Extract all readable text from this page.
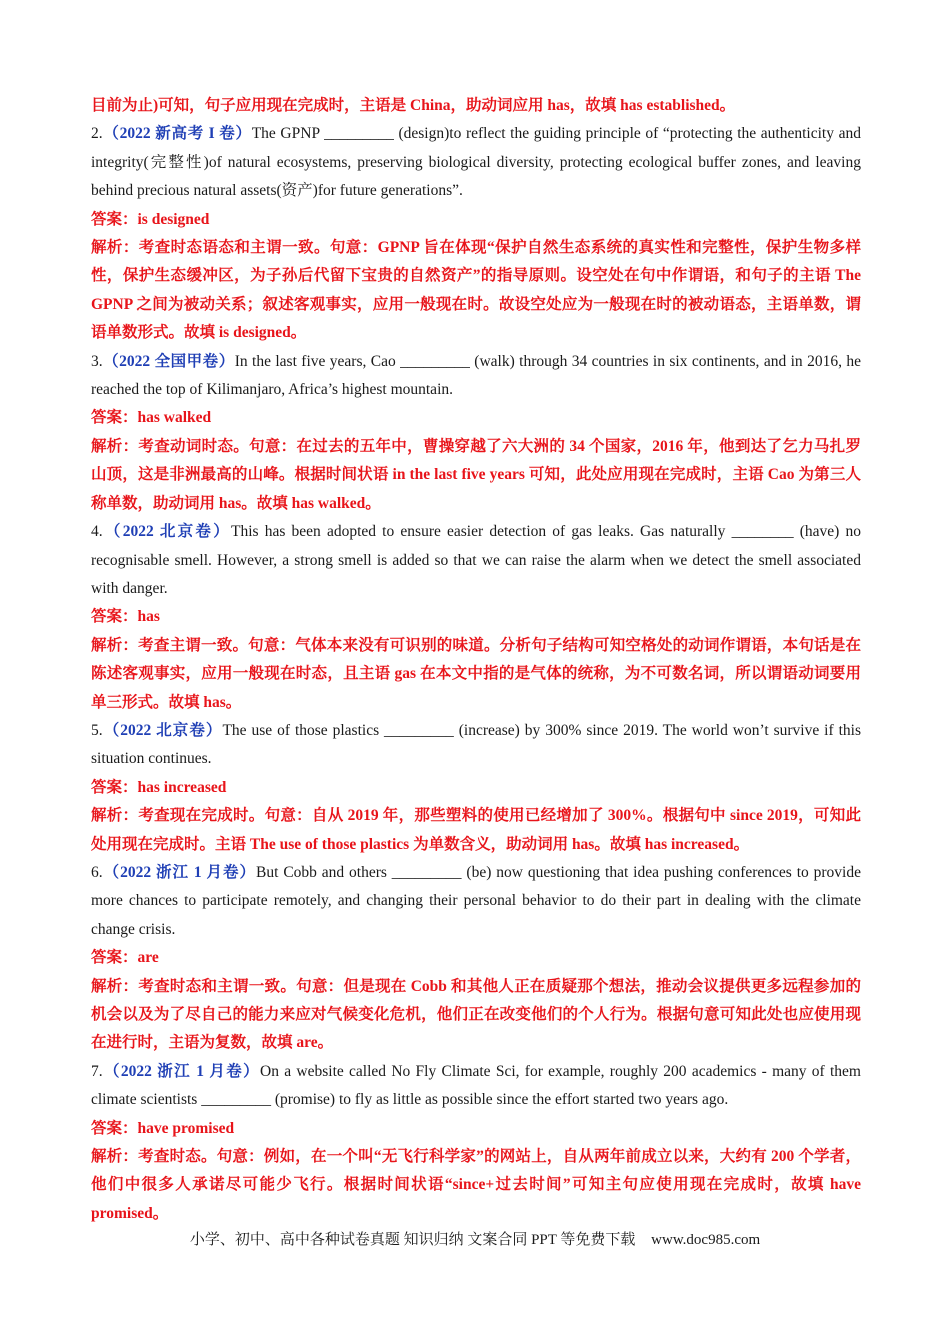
目前为止)可知，句子应用现在完成时，主语是 China，助动词应用 has，故填 has established。

2.（2022 新高考 I 卷）The GPNP _________ (design)to reflect the guiding principle of “protecting the authenticity and integrity(完整性)of natural ecosystems, preserving biological diversity, protecting ecological buffer zones, and leaving behind precious natural assets(资产)for future generations”.

答案：is designed

解析：考查时态语态和主谓一致。句意：GPNP 旨在体现“保护自然生态系统的真实性和完整性，保护生物多样性，保护生态缓冲区，为子孙后代留下宝贵的自然资产”的指导原则。设空处在句中作谓语，和句子的主语 The GPNP 之间为被动关系；叙述客观事实，应用一般现在时。故设空处应为一般现在时的被动语态，主语单数，谓语单数形式。故填 is designed。

3.（2022 全国甲卷）In the last five years, Cao _________ (walk) through 34 countries in six continents, and in 2016, he reached the top of Kilimanjaro, Africa’s highest mountain.

答案：has walked

解析：考查动词时态。句意：在过去的五年中，曹操穿越了六大洲的 34 个国家，2016 年，他到达了乞力马扎罗山顶，这是非洲最高的山峰。根据时间状语 in the last five years 可知，此处应用现在完成时，主语 Cao 为第三人称单数，助动词用 has。故填 has walked。

4.（2022 北京卷）This has been adopted to ensure easier detection of gas leaks. Gas naturally ________ (have) no recognisable smell. However, a strong smell is added so that we can raise the alarm when we detect the smell associated with danger.

答案：has

解析：考查主谓一致。句意：气体本来没有可识别的味道。分析句子结构可知空格处的动词作谓语，本句话是在陈述客观事实，应用一般现在时态，且主语 gas 在本文中指的是气体的统称，为不可数名词，所以谓语动词要用单三形式。故填 has。

5.（2022 北京卷）The use of those plastics _________ (increase) by 300% since 2019. The world won’t survive if this situation continues.

答案：has increased

解析：考查现在完成时。句意：自从 2019 年，那些塑料的使用已经增加了 300%。根据句中 since 2019，可知此处用现在完成时。主语 The use of those plastics 为单数含义，助动词用 has。故填 has increased。

6.（2022 浙江 1 月卷）But Cobb and others _________ (be) now questioning that idea pushing conferences to provide more chances to participate remotely, and changing their personal behavior to do their part in dealing with the climate change crisis.

答案：are

解析：考查时态和主谓一致。句意：但是现在 Cobb 和其他人正在质疑那个想法，推动会议提供更多远程参加的机会以及为了尽自己的能力来应对气候变化危机，他们正在改变他们的个人行为。根据句意可知此处也应使用现在进行时，主语为复数，故填 are。

7.（2022 浙江 1 月卷）On a website called No Fly Climate Sci, for example, roughly 200 academics - many of them climate scientists _________ (promise) to fly as little as possible since the effort started two years ago.

答案：have promised

解析：考查时态。句意：例如，在一个叫“无飞行科学家”的网站上，自从两年前成立以来，大约有 200 个学者，他们中很多人承诺尽可能少飞行。根据时间状语“since+过去时间”可知主句应使用现在完成时，故填 have promised。

小学、初中、高中各种试卷真题 知识归纳 文案合同 PPT 等免费下载 www.doc985.com
